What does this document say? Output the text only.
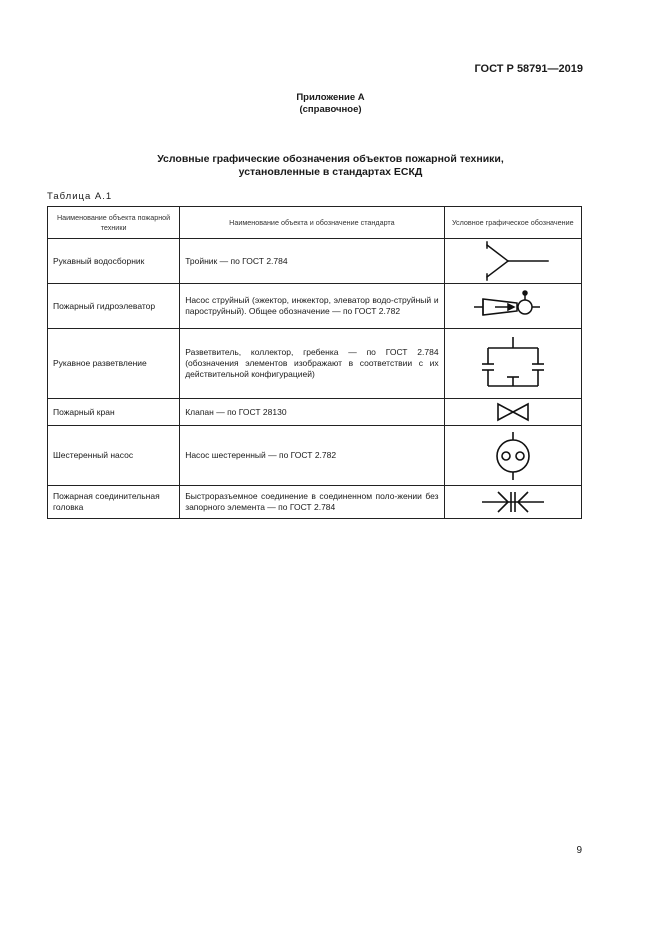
ГОСТ Р 58791—2019
Приложение А
(справочное)
Условные графические обозначения объектов пожарной техники,
установленные в стандартах ЕСКД
Таблица А.1
Наименование объекта пожарной техники	Наименование объекта и обозначение стандарта	Условное графическое обозначение
Рукавный водосборник	Тройник — по ГОСТ 2.784	

Пожарный гидроэлеватор	Насос струйный (эжектор, инжектор, элеватор водо-струйный и пароструйный). Общее обозначение — по ГОСТ 2.782	

Рукавное разветвление	Разветвитель, коллектор, гребенка — по ГОСТ 2.784 (обозначения элементов изображают в соответствии с их действительной конфигурацией)	

Пожарный кран	Клапан — по ГОСТ 28130	

Шестеренный насос	Насос шестеренный — по ГОСТ 2.782	

Пожарная соединительная головка	Быстроразъемное соединение в соединенном поло-жении без запорного элемента — по ГОСТ 2.784	
9
